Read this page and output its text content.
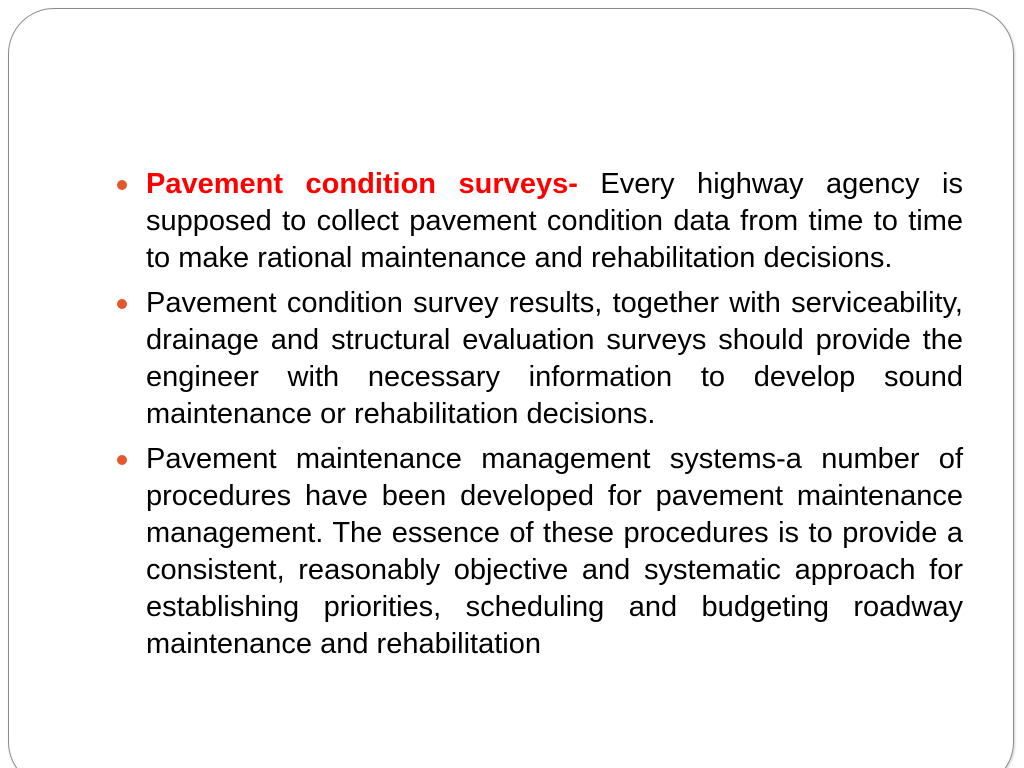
Pavement condition surveys- Every highway agency is supposed to collect pavement condition data from time to time to make rational maintenance and rehabilitation decisions.
Pavement condition survey results, together with serviceability, drainage and structural evaluation surveys should provide the engineer with necessary information to develop sound maintenance or rehabilitation decisions.
Pavement maintenance management systems-a number of procedures have been developed for pavement maintenance management. The essence of these procedures is to provide a consistent, reasonably objective and systematic approach for establishing priorities, scheduling and budgeting roadway maintenance and rehabilitation
